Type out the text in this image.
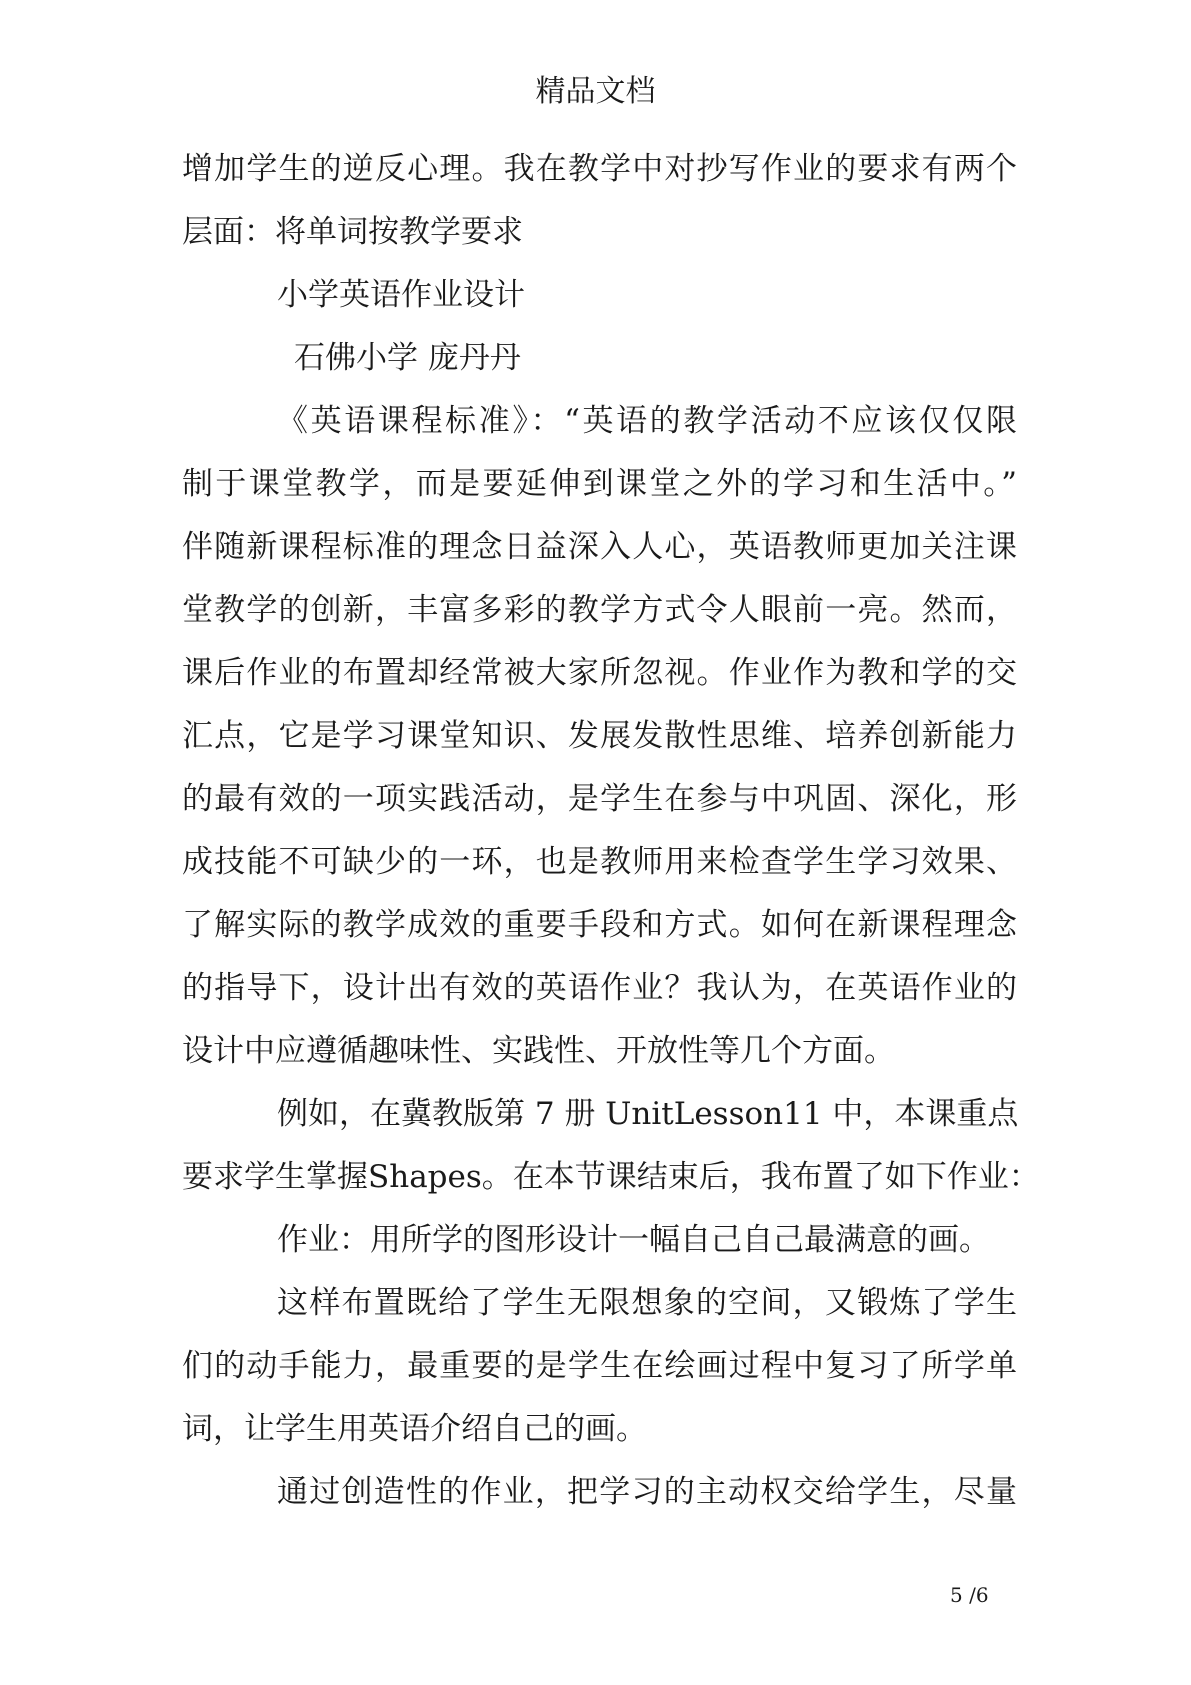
精品文档
增加学生的逆反心理。我在教学中对抄写作业的要求有两个
层面：将单词按教学要求
小学英语作业设计
石佛小学 庞丹丹
《英语课程标准》：“英语的教学活动不应该仅仅限
制于课堂教学，而是要延伸到课堂之外的学习和生活中。”
伴随新课程标准的理念日益深入人心，英语教师更加关注课
堂教学的创新，丰富多彩的教学方式令人眼前一亮。然而，
课后作业的布置却经常被大家所忽视。作业作为教和学的交
汇点，它是学习课堂知识、发展发散性思维、培养创新能力
的最有效的一项实践活动，是学生在参与中巩固、深化，形
成技能不可缺少的一环，也是教师用来检查学生学习效果、
了解实际的教学成效的重要手段和方式。如何在新课程理念
的指导下，设计出有效的英语作业？我认为，在英语作业的
设计中应遵循趣味性、实践性、开放性等几个方面。
例如，在冀教版第 7 册 UnitLesson11 中，本课重点
要求学生掌握Shapes。在本节课结束后，我布置了如下作业：
作业：用所学的图形设计一幅自己自己最满意的画。
这样布置既给了学生无限想象的空间，又锻炼了学生
们的动手能力，最重要的是学生在绘画过程中复习了所学单
词，让学生用英语介绍自己的画。
通过创造性的作业，把学习的主动权交给学生，尽量
5 /6
